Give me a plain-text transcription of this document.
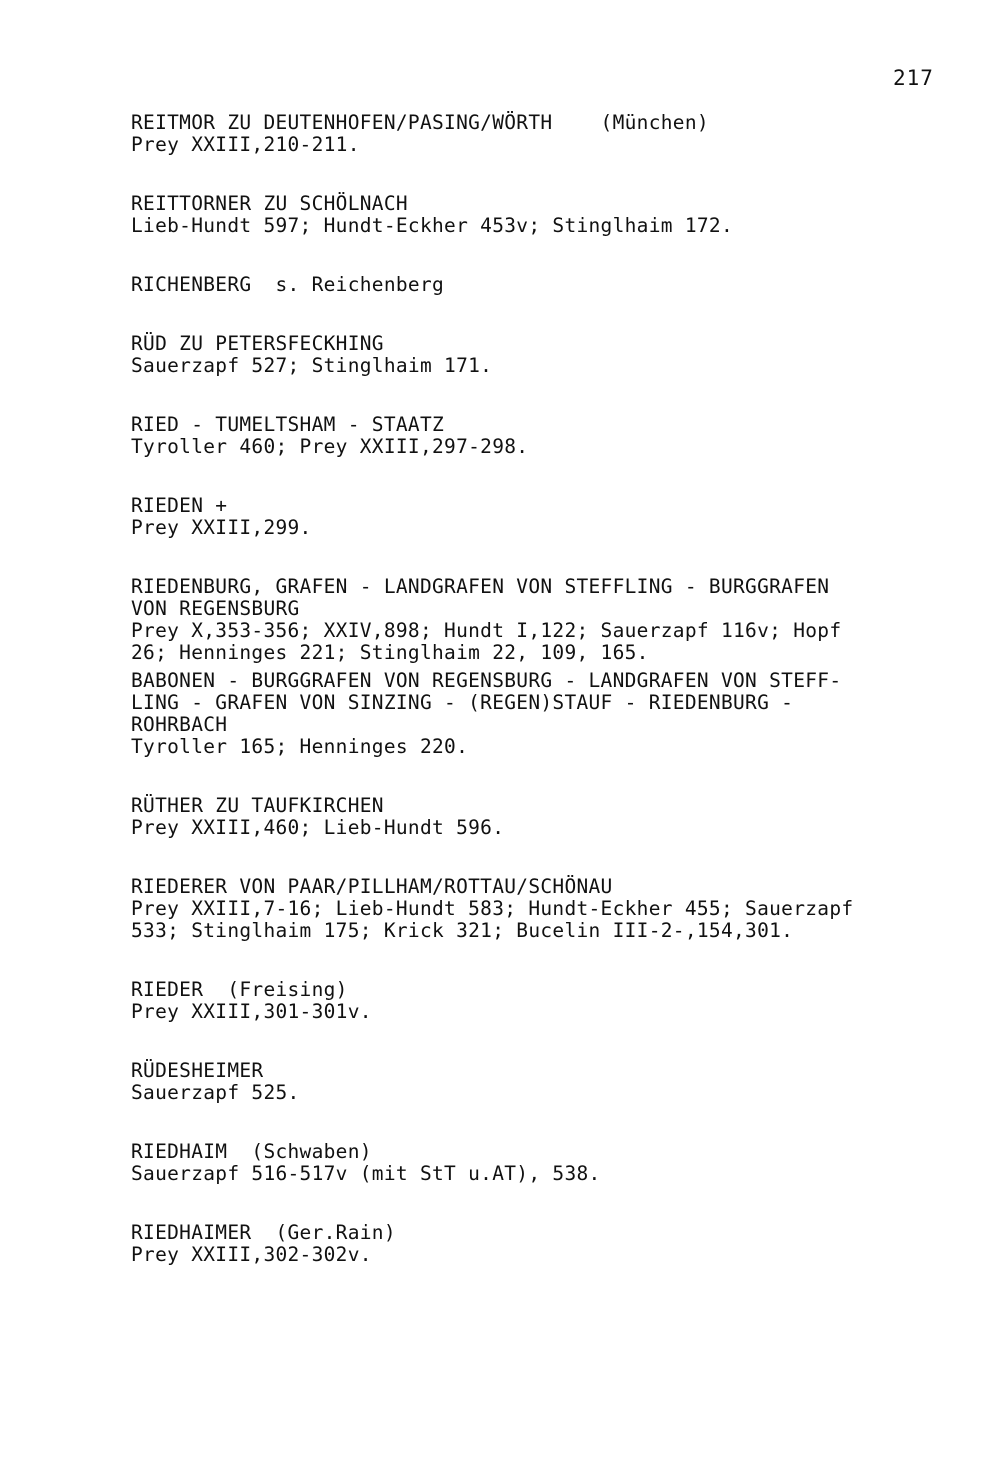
217
REITMOR ZU DEUTENHOFEN/PASING/WÖRTH    (München)
Prey XXIII,210-211.
REITTORNER ZU SCHÖLNACH
Lieb-Hundt 597; Hundt-Eckher 453v; Stinglhaim 172.
RICHENBERG  s. Reichenberg
RÜD ZU PETERSFECKHING
Sauerzapf 527; Stinglhaim 171.
RIED - TUMELTSHAM - STAATZ
Tyroller 460; Prey XXIII,297-298.
RIEDEN +
Prey XXIII,299.
RIEDENBURG, GRAFEN - LANDGRAFEN VON STEFFLING - BURGGRAFEN
VON REGENSBURG
Prey X,353-356; XXIV,898; Hundt I,122; Sauerzapf 116v; Hopf
26; Henninges 221; Stinglhaim 22, 109, 165.
BABONEN - BURGGRAFEN VON REGENSBURG - LANDGRAFEN VON STEFF-
LING - GRAFEN VON SINZING - (REGEN)STAUF - RIEDENBURG -
ROHRBACH
Tyroller 165; Henninges 220.
RÜTHER ZU TAUFKIRCHEN
Prey XXIII,460; Lieb-Hundt 596.
RIEDERER VON PAAR/PILLHAM/ROTTAU/SCHÖNAU
Prey XXIII,7-16; Lieb-Hundt 583; Hundt-Eckher 455; Sauerzapf
533; Stinglhaim 175; Krick 321; Bucelin III-2-,154,301.
RIEDER  (Freising)
Prey XXIII,301-301v.
RÜDESHEIMER
Sauerzapf 525.
RIEDHAIM  (Schwaben)
Sauerzapf 516-517v (mit StT u.AT), 538.
RIEDHAIMER  (Ger.Rain)
Prey XXIII,302-302v.
